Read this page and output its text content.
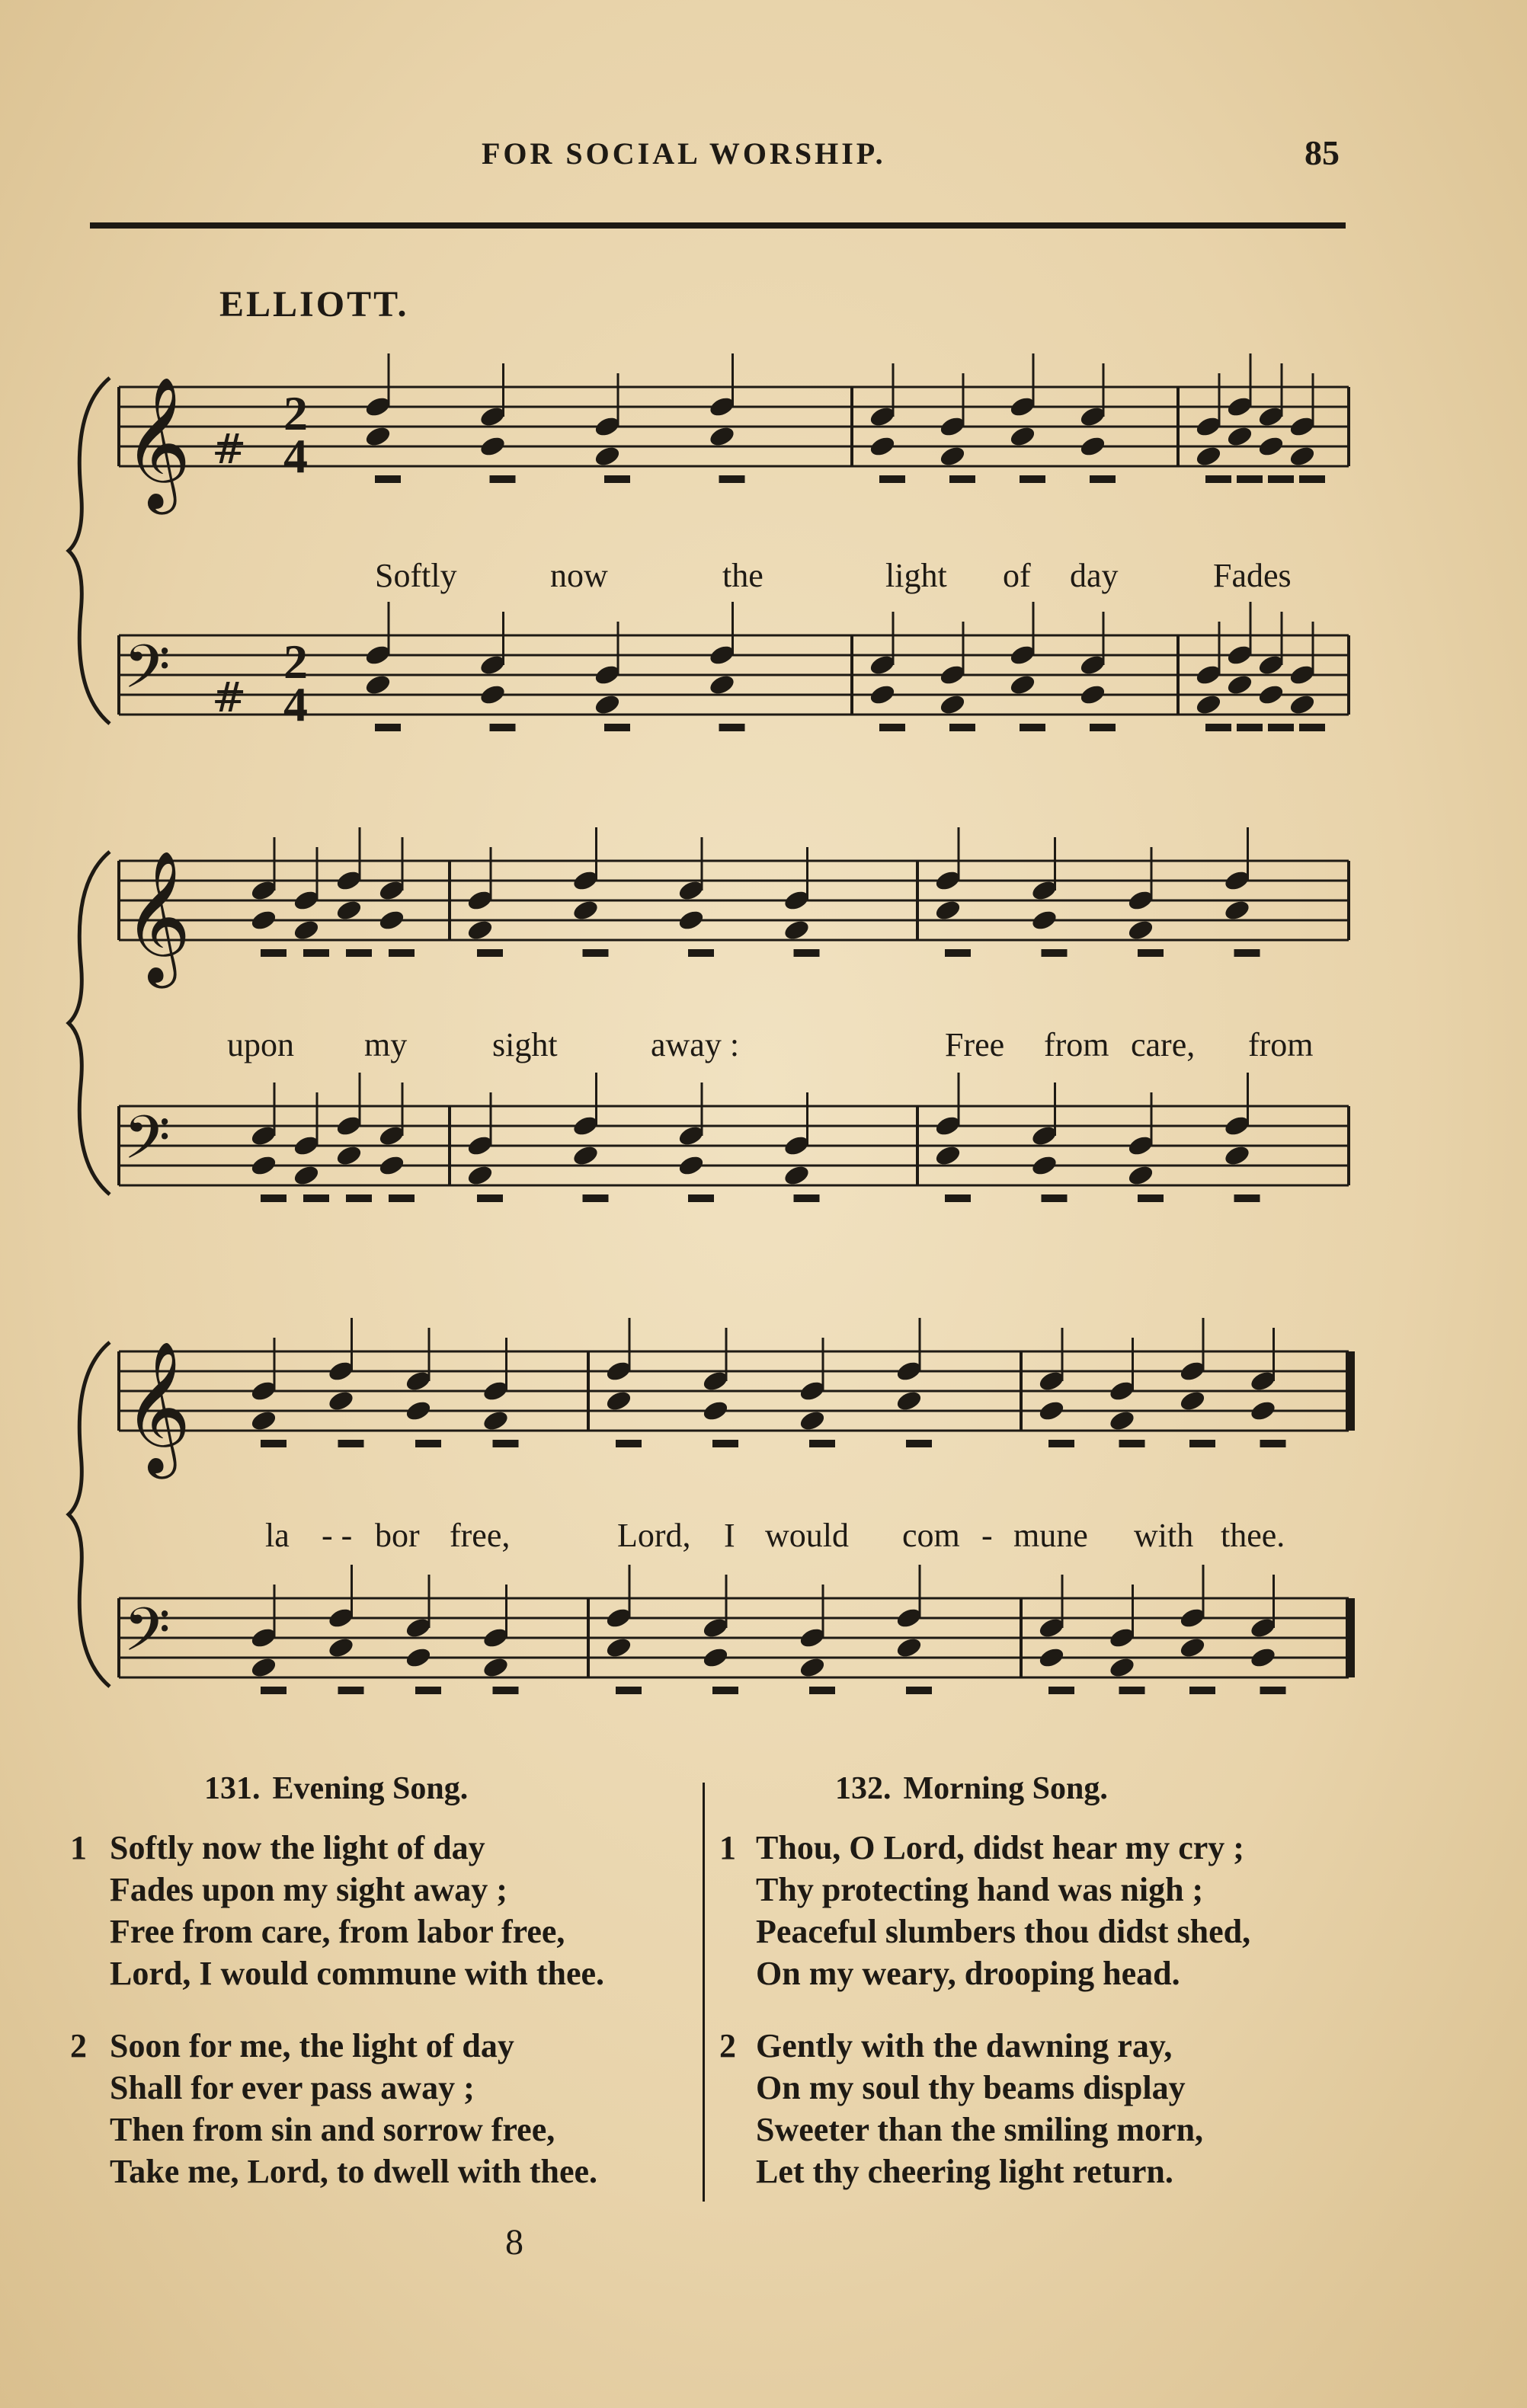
FOR SOCIAL WORSHIP.	85
ELLIOTT.
𝄞 #
𝄢 #
𝄞
𝄢
𝄞
𝄢
Softly	now	the	light of day	Fades
upon my	sight	away :	Free from care, from
la - - bor free,	Lord, I would com - mune with thee.
2
4
2
4
131. Evening Song.
1 Softly now the light of day
Fades upon my sight away ;
Free from care, from labor free,
Lord, I would commune with thee.
2 Soon for me, the light of day
Shall for ever pass away ;
Then from sin and sorrow free,
Take me, Lord, to dwell with thee.
132. Morning Song.
1 Thou, O Lord, didst hear my cry ;
Thy protecting hand was nigh ;
Peaceful slumbers thou didst shed,
On my weary, drooping head.
2 Gently with the dawning ray,
On my soul thy beams display
Sweeter than the smiling morn,
Let thy cheering light return.
8
